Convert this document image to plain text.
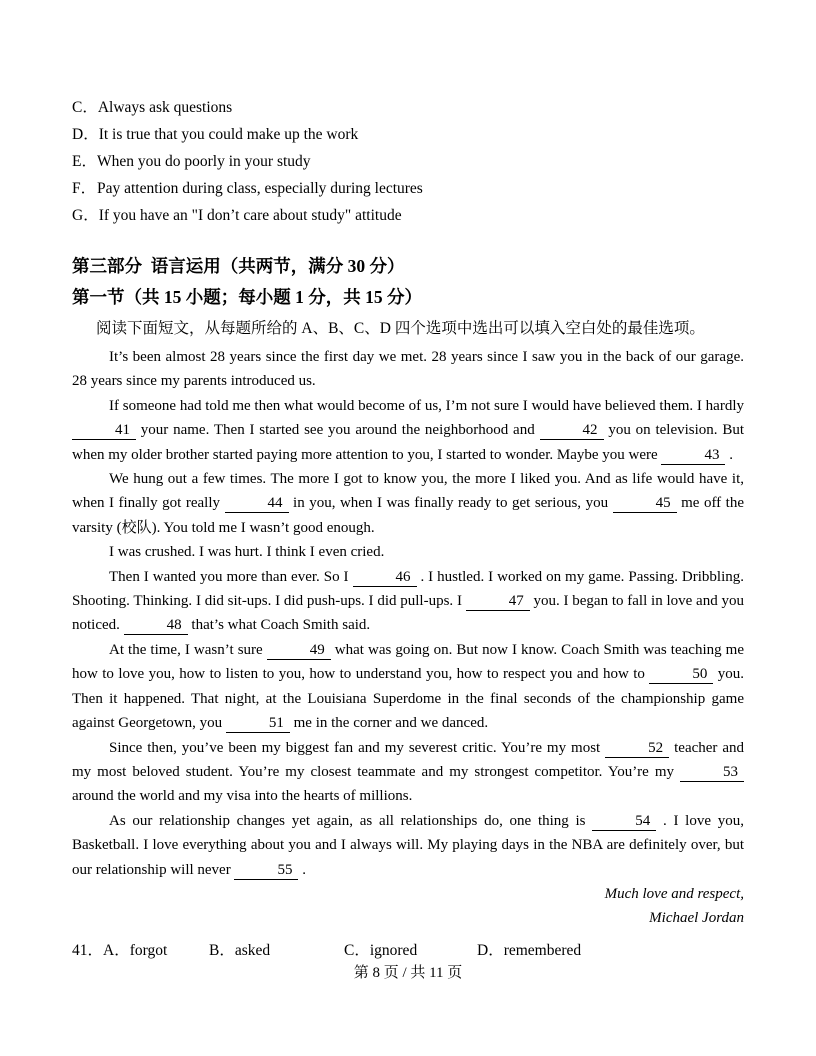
C．Always ask questions
D．It is true that you could make up the work
E．When you do poorly in your study
F．Pay attention during class, especially during lectures
G．If you have an "I don’t care about study" attitude
第三部分 语言运用（共两节，满分 30 分）
第一节（共 15 小题；每小题 1 分，共 15 分）
阅读下面短文，从每题所给的 A、B、C、D 四个选项中选出可以填入空白处的最佳选项。

It’s been almost 28 years since the first day we met. 28 years since I saw you in the back of our garage. 28 years since my parents introduced us.

If someone had told me then what would become of us, I’m not sure I would have believed them. I hardly 41 your name. Then I started see you around the neighborhood and	42 you on television. But when my older brother started paying more attention to you, I started to wonder. Maybe you were	43 .

We hung out a few times. The more I got to know you, the more I liked you. And as life would have it, when I finally got really	44 in you, when I was finally ready to get serious, you	45 me off the varsity (校队). You told me I wasn’t good enough.

I was crushed. I was hurt. I think I even cried.

Then I wanted you more than ever. So I	46 . I hustled. I worked on my game. Passing. Dribbling. Shooting. Thinking. I did sit-ups. I did push-ups. I did pull-ups. I	47 you. I began to fall in love and you noticed.	48 that’s what Coach Smith said.

At the time, I wasn’t sure	49 what was going on. But now I know. Coach Smith was teaching me how to love you, how to listen to you, how to understand you, how to respect you and how to	50 you. Then it happened. That night, at the Louisiana Superdome in the final seconds of the championship game against Georgetown, you	51 me in the corner and we danced.

Since then, you’ve been my biggest fan and my severest critic. You’re my most	52 teacher and my most beloved student. You’re my closest teammate and my strongest competitor. You’re my	53 around the world and my visa into the hearts of millions.

As our relationship changes yet again, as all relationships do, one thing is	54 . I love you, Basketball. I love everything about you and I always will. My playing days in the NBA are definitely over, but our relationship will never	55 .

Much love and respect,
Michael Jordan
41．A．forgot	B．asked	C．ignored	D．remembered
第 8 页 / 共 11 页
